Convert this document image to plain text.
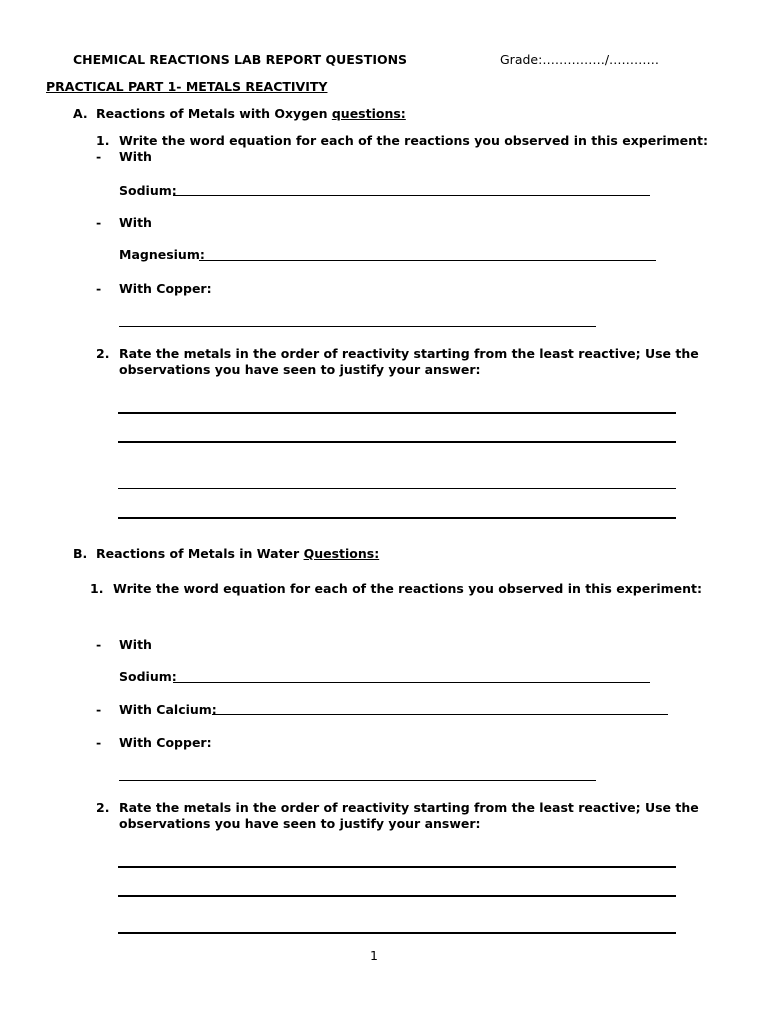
CHEMICAL REACTIONS LAB REPORT QUESTIONS	Grade:……………/…………
PRACTICAL PART 1- METALS REACTIVITY
A. Reactions of Metals with Oxygen questions:
1. Write the word equation for each of the reactions you observed in this experiment:
- With
Sodium:
- With
Magnesium:
- With Copper:
2. Rate the metals in the order of reactivity starting from the least reactive; Use the
observations you have seen to justify your answer:
B. Reactions of Metals in Water Questions:
1. Write the word equation for each of the reactions you observed in this experiment:
- With
Sodium:
- With Calcium:
- With Copper:
2. Rate the metals in the order of reactivity starting from the least reactive; Use the
observations you have seen to justify your answer:
1
